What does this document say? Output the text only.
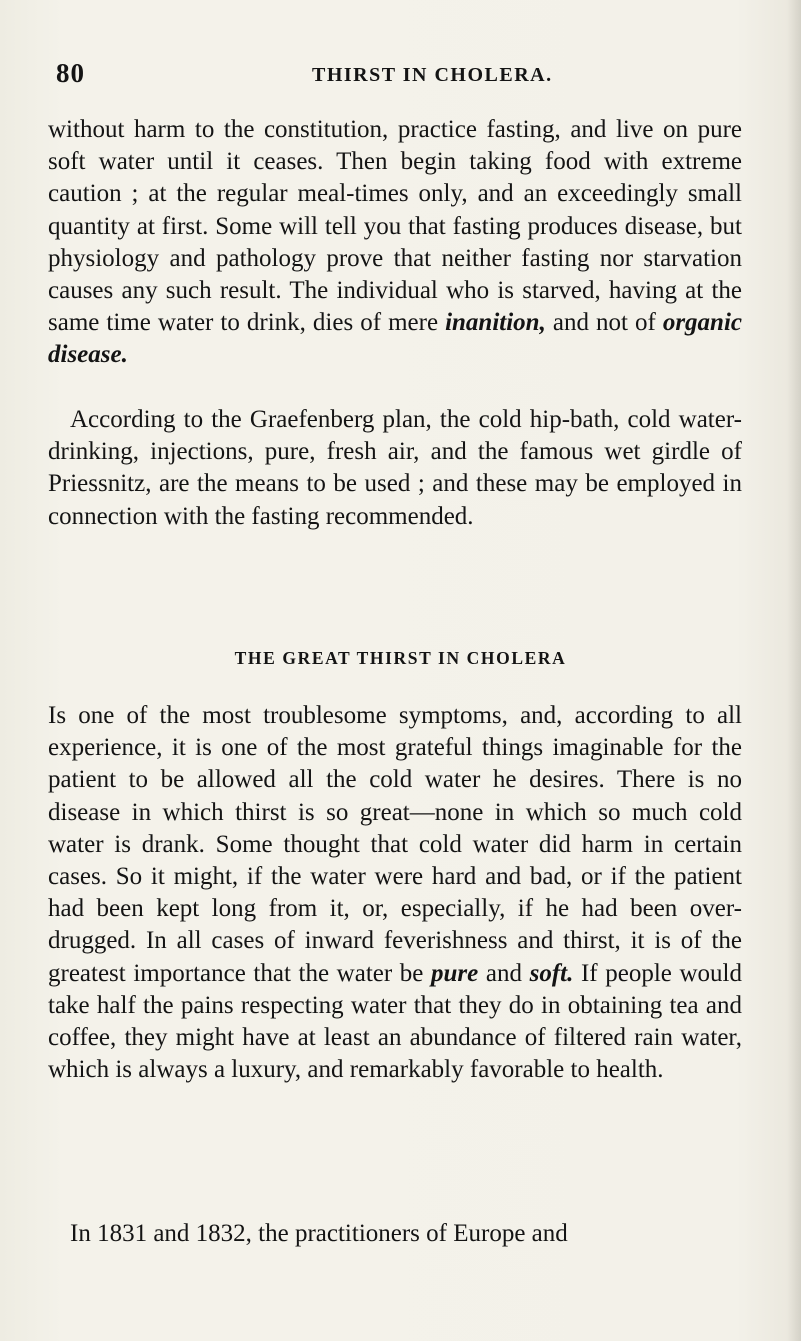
80	THIRST IN CHOLERA.

without harm to the constitution, practice fasting, and live on pure soft water until it ceases. Then begin taking food with extreme caution ; at the regular meal-times only, and an exceedingly small quantity at first. Some will tell you that fasting produces disease, but physiology and pathology prove that neither fasting nor starvation causes any such result. The individual who is starved, having at the same time water to drink, dies of mere inanition, and not of organic disease.

According to the Graefenberg plan, the cold hip-bath, cold water-drinking, injections, pure, fresh air, and the famous wet girdle of Priessnitz, are the means to be used ; and these may be employed in connection with the fasting recommended.

THE GREAT THIRST IN CHOLERA

Is one of the most troublesome symptoms, and, according to all experience, it is one of the most grateful things imaginable for the patient to be allowed all the cold water he desires. There is no disease in which thirst is so great—none in which so much cold water is drank. Some thought that cold water did harm in certain cases. So it might, if the water were hard and bad, or if the patient had been kept long from it, or, especially, if he had been over-drugged. In all cases of inward feverishness and thirst, it is of the greatest importance that the water be pure and soft. If people would take half the pains respecting water that they do in obtaining tea and coffee, they might have at least an abundance of filtered rain water, which is always a luxury, and remarkably favorable to health.

In 1831 and 1832, the practitioners of Europe and
